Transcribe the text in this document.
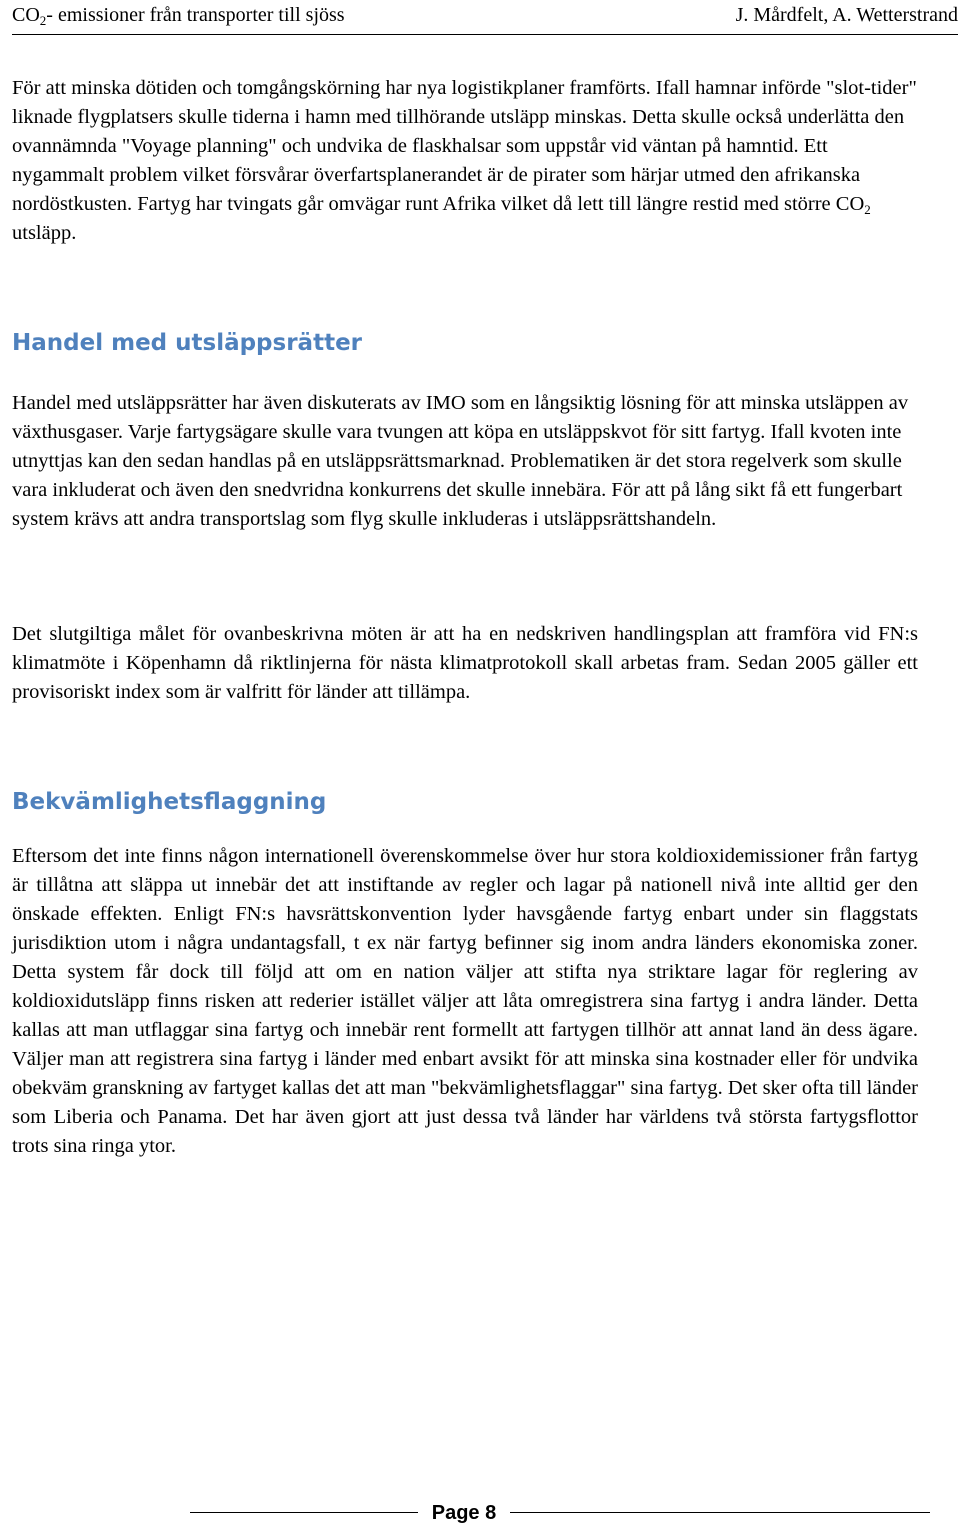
$CO_2-$ emissioner från transporter till sjöss	J. Mårdfelt, A. Wetterstrand

För att minska dötiden och tomgångskörning har nya logistikplaner framförts. Ifall hamnar införde "slot-tider" liknade flygplatsers skulle tiderna i hamn med tillhörande utsläpp minskas. Detta skulle också underlätta den ovannämnda "Voyage planning" och undvika de flaskhalsar som uppstår vid väntan på hamntid. Ett nygammalt problem vilket försvårar överfartsplanerandet är de pirater som härjar utmed den afrikanska nordöstkusten. Fartyg har tvingats går omvägar runt Afrika vilket då lett till längre restid med större $CO_2$ utsläpp.

Handel med utsläppsrätter

Handel med utsläppsrätter har även diskuterats av IMO som en långsiktig lösning för att minska utsläppen av växthusgaser. Varje fartygsägare skulle vara tvungen att köpa en utsläppskvot för sitt fartyg. Ifall kvoten inte utnyttjas kan den sedan handlas på en utsläppsrättsmarknad. Problematiken är det stora regelverk som skulle vara inkluderat och även den snedvridna konkurrens det skulle innebära. För att på lång sikt få ett fungerbart system krävs att andra transportslag som flyg skulle inkluderas i utsläppsrättshandeln.

Det slutgiltiga målet för ovanbeskrivna möten är att ha en nedskriven handlingsplan att framföra vid FN:s klimatmöte i Köpenhamn då riktlinjerna för nästa klimatprotokoll skall arbetas fram. Sedan 2005 gäller ett provisoriskt index som är valfritt för länder att tillämpa.

Bekvämlighetsflaggning

Eftersom det inte finns någon internationell överenskommelse över hur stora koldioxidemissioner från fartyg är tillåtna att släppa ut innebär det att instiftande av regler och lagar på nationell nivå inte alltid ger den önskade effekten. Enligt FN:s havsrättskonvention lyder havsgående fartyg enbart under sin flaggstats jurisdiktion utom i några undantagsfall, t ex när fartyg befinner sig inom andra länders ekonomiska zoner. Detta system får dock till följd att om en nation väljer att stifta nya striktare lagar för reglering av koldioxidutsläpp finns risken att rederier istället väljer att låta omregistrera sina fartyg i andra länder. Detta kallas att man utflaggar sina fartyg och innebär rent formellt att fartygen tillhör att annat land än dess ägare. Väljer man att registrera sina fartyg i länder med enbart avsikt för att minska sina kostnader eller för undvika obekväm granskning av fartyget kallas det att man "bekvämlighetsflaggar" sina fartyg. Det sker ofta till länder som Liberia och Panama. Det har även gjort att just dessa två länder har världens två största fartygsflottor trots sina ringa ytor.

Page 8
